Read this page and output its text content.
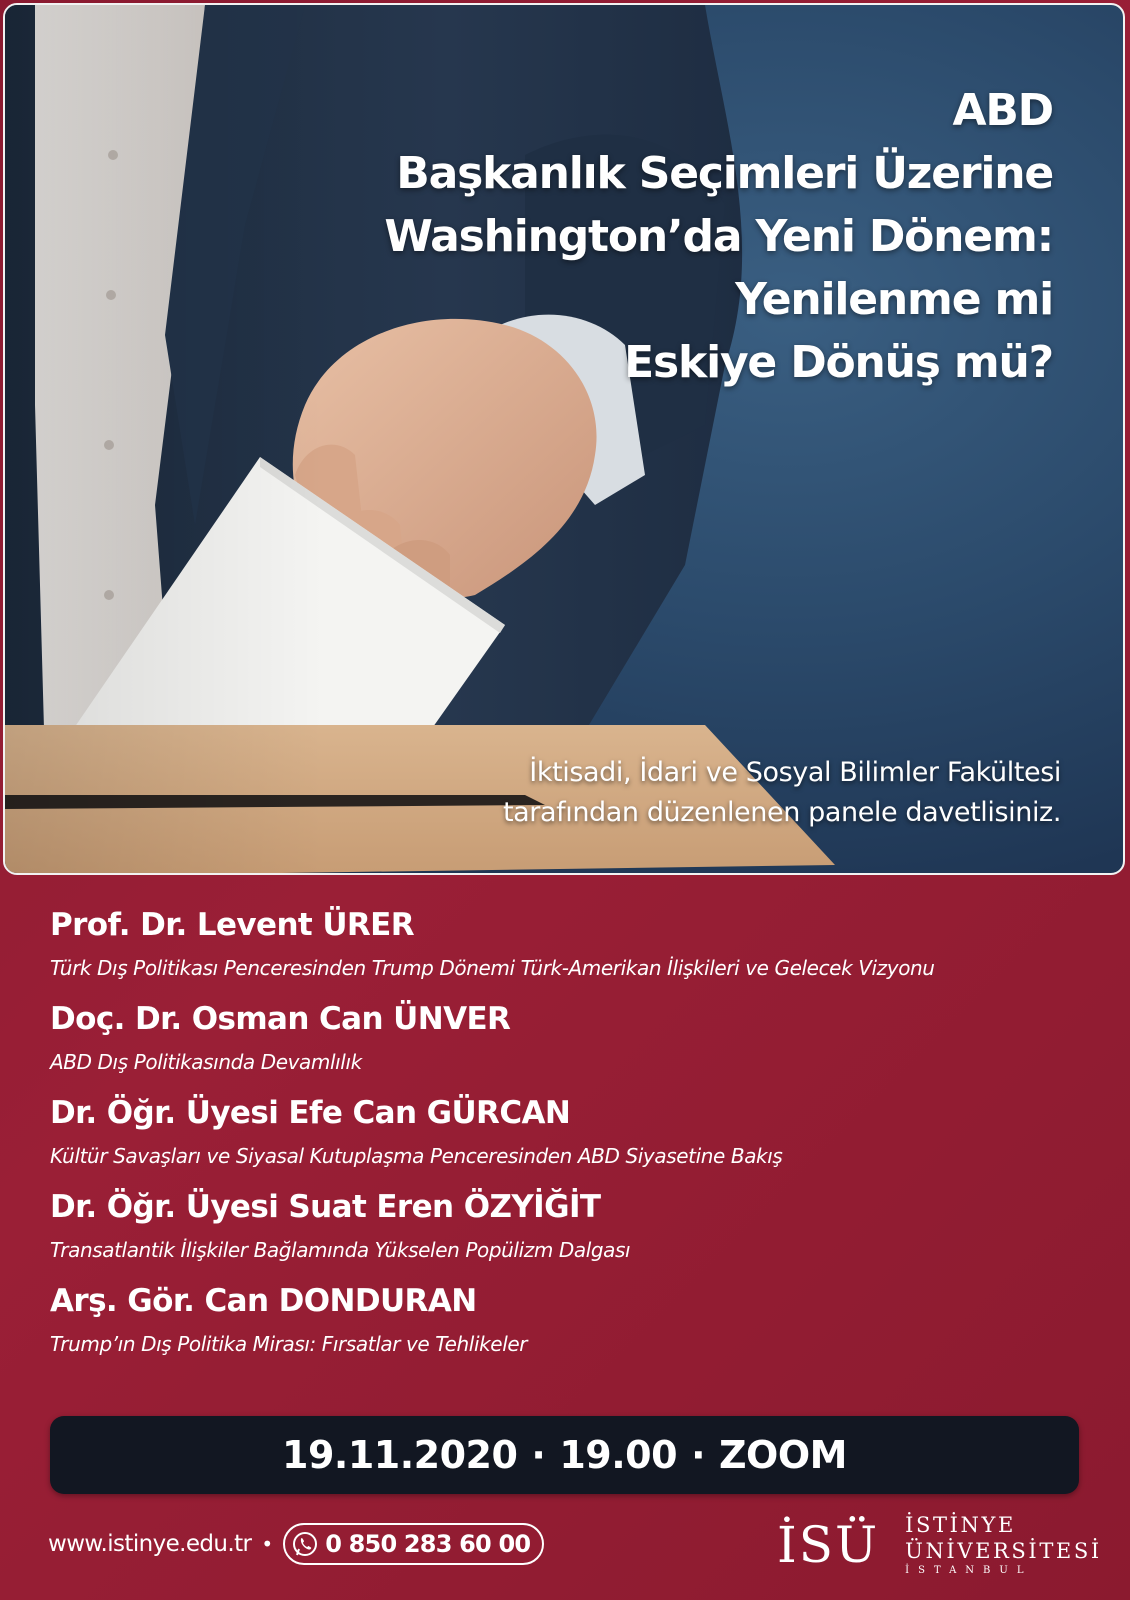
ABD
Başkanlık Seçimleri Üzerine
Washington’da Yeni Dönem:
Yenilenme mi
Eskiye Dönüş mü?
İktisadi, İdari ve Sosyal Bilimler Fakültesi
tarafından düzenlenen panele davetlisiniz.
Prof. Dr. Levent ÜRER
Türk Dış Politikası Penceresinden Trump Dönemi Türk-Amerikan İlişkileri ve Gelecek Vizyonu
Doç. Dr. Osman Can ÜNVER
ABD Dış Politikasında Devamlılık
Dr. Öğr. Üyesi Efe Can GÜRCAN
Kültür Savaşları ve Siyasal Kutuplaşma Penceresinden ABD Siyasetine Bakış
Dr. Öğr. Üyesi Suat Eren ÖZYİĞİT
Transatlantik İlişkiler Bağlamında Yükselen Popülizm Dalgası
Arş. Gör. Can DONDURAN
Trump’ın Dış Politika Mirası: Fırsatlar ve Tehlikeler
19.11.2020 · 19.00 · ZOOM
www.istinye.edu.tr • 0 850 283 60 00	İSÜ İSTİNYE
ÜNİVERSİTESİ
İSTANBUL
